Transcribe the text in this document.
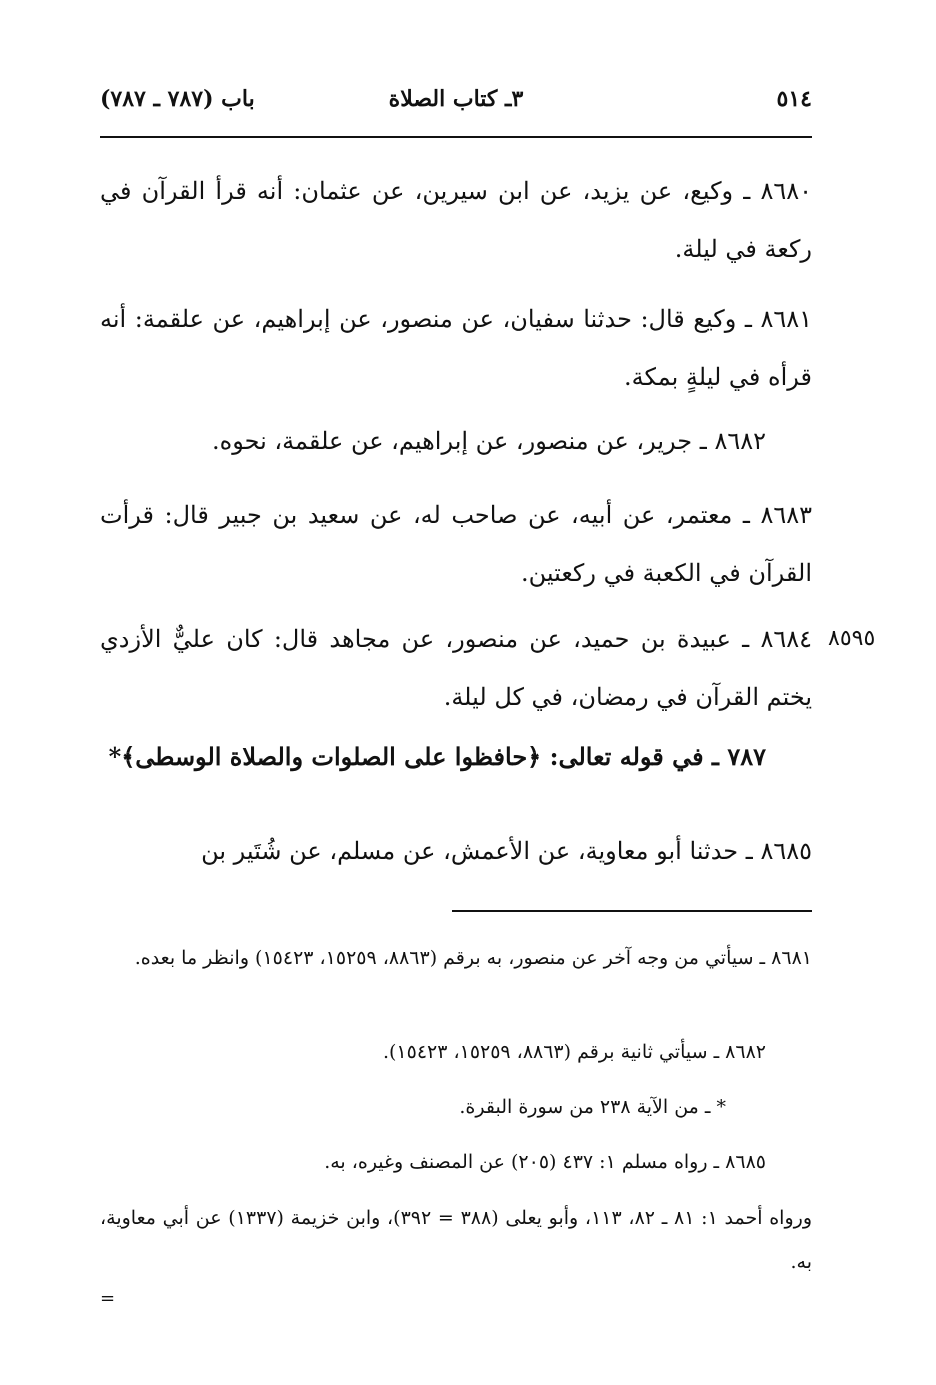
٥١٤
٣ـ كتاب الصلاة
باب (٧٨٧ ـ ٧٨٧)

٨٦٨٠ ـ وكيع، عن يزيد، عن ابن سيرين، عن عثمان: أنه قرأ القرآن في ركعة في ليلة.

٨٦٨١ ـ وكيع قال: حدثنا سفيان، عن منصور، عن إبراهيم، عن علقمة: أنه قرأه في ليلةٍ بمكة.

٨٦٨٢ ـ جرير، عن منصور، عن إبراهيم، عن علقمة، نحوه.

٨٦٨٣ ـ معتمر، عن أبيه، عن صاحب له، عن سعيد بن جبير قال: قرأت القرآن في الكعبة في ركعتين.

٨٥٩٥

٨٦٨٤ ـ عبيدة بن حميد، عن منصور، عن مجاهد قال: كان عليٌّ الأزدي يختم القرآن في رمضان، في كل ليلة.

٧٨٧ ـ في قوله تعالى: ﴿حافظوا على الصلوات والصلاة الوسطى﴾*

٨٦٨٥ ـ حدثنا أبو معاوية، عن الأعمش، عن مسلم، عن شُتَير بن

٨٦٨١ ـ سيأتي من وجه آخر عن منصور، به برقم (٨٨٦٣، ١٥٢٥٩، ١٥٤٢٣) وانظر ما بعده.

٨٦٨٢ ـ سيأتي ثانية برقم (٨٨٦٣، ١٥٢٥٩، ١٥٤٢٣).

* ـ من الآية ٢٣٨ من سورة البقرة.

٨٦٨٥ ـ رواه مسلم ١: ٤٣٧ (٢٠٥) عن المصنف وغيره، به.

ورواه أحمد ١: ٨١ ـ ٨٢، ١١٣، وأبو يعلى (٣٨٨ = ٣٩٢)، وابن خزيمة (١٣٣٧) عن أبي معاوية، به.

=
